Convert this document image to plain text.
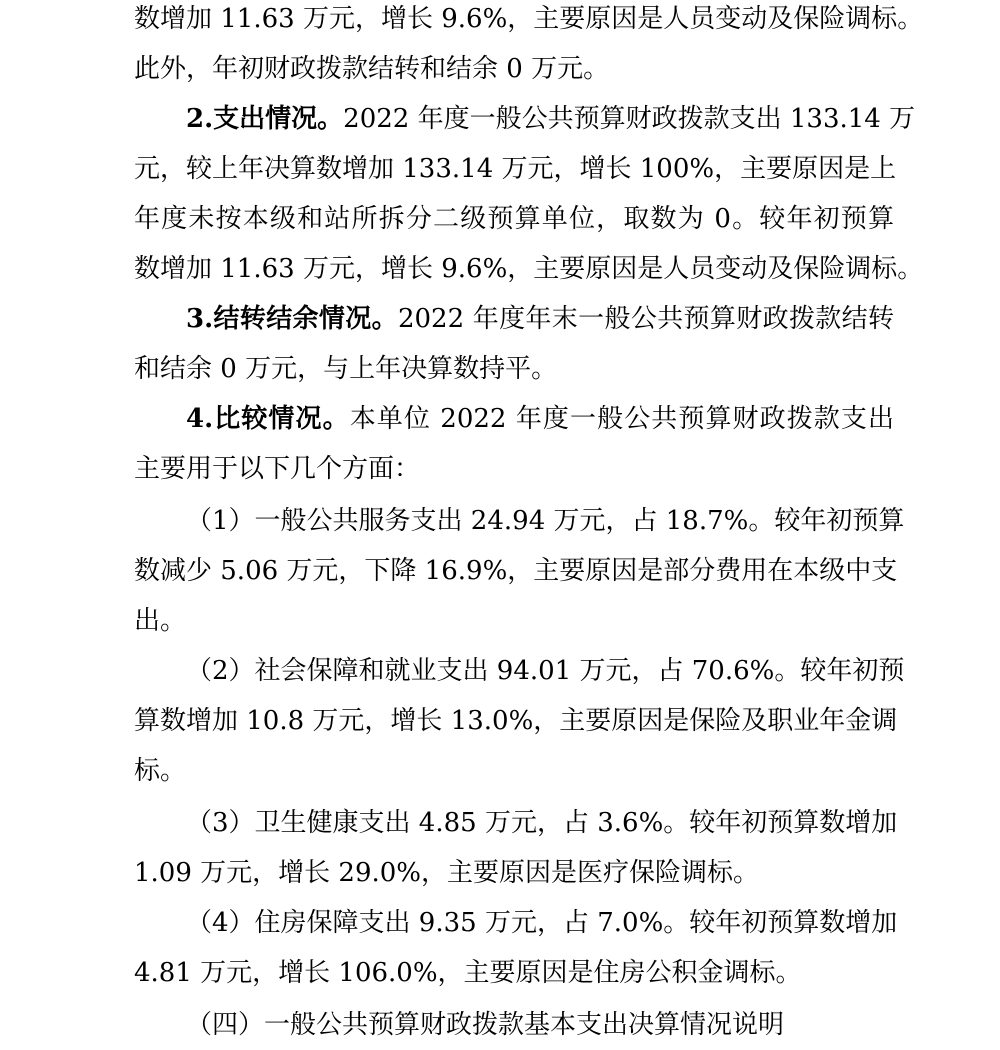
数增加 11.63 万元，增长 9.6%，主要原因是人员变动及保险调标。
此外，年初财政拨款结转和结余 0 万元。
2.支出情况。2022 年度一般公共预算财政拨款支出 133.14 万
元，较上年决算数增加 133.14 万元，增长 100%，主要原因是上
年度未按本级和站所拆分二级预算单位，取数为 0。较年初预算
数增加 11.63 万元，增长 9.6%，主要原因是人员变动及保险调标。
3.结转结余情况。2022 年度年末一般公共预算财政拨款结转
和结余 0 万元，与上年决算数持平。
4.比较情况。本单位 2022 年度一般公共预算财政拨款支出
主要用于以下几个方面：
（1）一般公共服务支出 24.94 万元，占 18.7%。较年初预算
数减少 5.06 万元，下降 16.9%，主要原因是部分费用在本级中支
出。
（2）社会保障和就业支出 94.01 万元，占 70.6%。较年初预
算数增加 10.8 万元，增长 13.0%，主要原因是保险及职业年金调
标。
（3）卫生健康支出 4.85 万元，占 3.6%。较年初预算数增加
1.09 万元，增长 29.0%，主要原因是医疗保险调标。
（4）住房保障支出 9.35 万元，占 7.0%。较年初预算数增加
4.81 万元，增长 106.0%，主要原因是住房公积金调标。
（四）一般公共预算财政拨款基本支出决算情况说明
